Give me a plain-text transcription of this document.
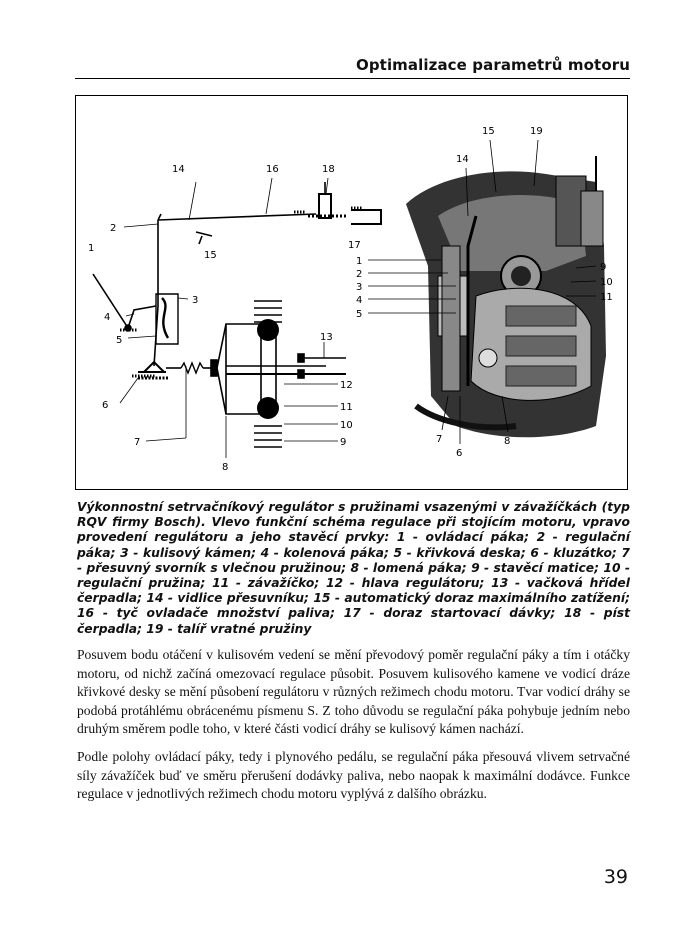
Optimalizace parametrů motoru
14	16	18
2
17
15
1
3
4
5	13
6
12
11
10
7	9
8
15	19
14
1
2
3
4
5
9
10
11
7
6
8
Výkonnostní setrvačníkový regulátor s pružinami vsazenými v závažíčkách (typ RQV firmy Bosch). Vlevo funkční schéma regulace při stojícím motoru, vpravo provedení regulátoru a jeho stavěcí prvky: 1 - ovládací páka; 2 - regulační páka; 3 - kulisový kámen; 4 - kolenová páka; 5 - křivková deska; 6 - kluzátko; 7 - přesuvný svorník s vlečnou pružinou; 8 - lomená páka; 9 - stavěcí matice; 10 - regulační pružina; 11 - závažíčko; 12 - hlava regulátoru; 13 - vačková hřídel čerpadla; 14 - vidlice přesuvníku; 15 - automatický doraz maximálního zatížení; 16 - tyč ovladače množství paliva; 17 - doraz startovací dávky; 18 - píst čerpadla; 19 - talíř vratné pružiny

Posuvem bodu otáčení v kulisovém vedení se mění převodový poměr regulační páky a tím i otáčky motoru, od nichž začíná omezovací regulace působit. Posuvem kulisového kamene ve vodicí dráze křivkové desky se mění působení regulátoru v různých režimech chodu motoru. Tvar vodicí dráhy se podobá protáhlému obrácenému písmenu S. Z toho důvodu se regulační páka pohybuje jedním nebo druhým směrem podle toho, v které části vodicí dráhy se kulisový kámen nachází.

Podle polohy ovládací páky, tedy i plynového pedálu, se regulační páka přesouvá vlivem setrvačné síly závažíček buď ve směru přerušení dodávky paliva, nebo naopak k maximální dodávce. Funkce regulace v jednotlivých režimech chodu motoru vyplývá z dalšího obrázku.

39
